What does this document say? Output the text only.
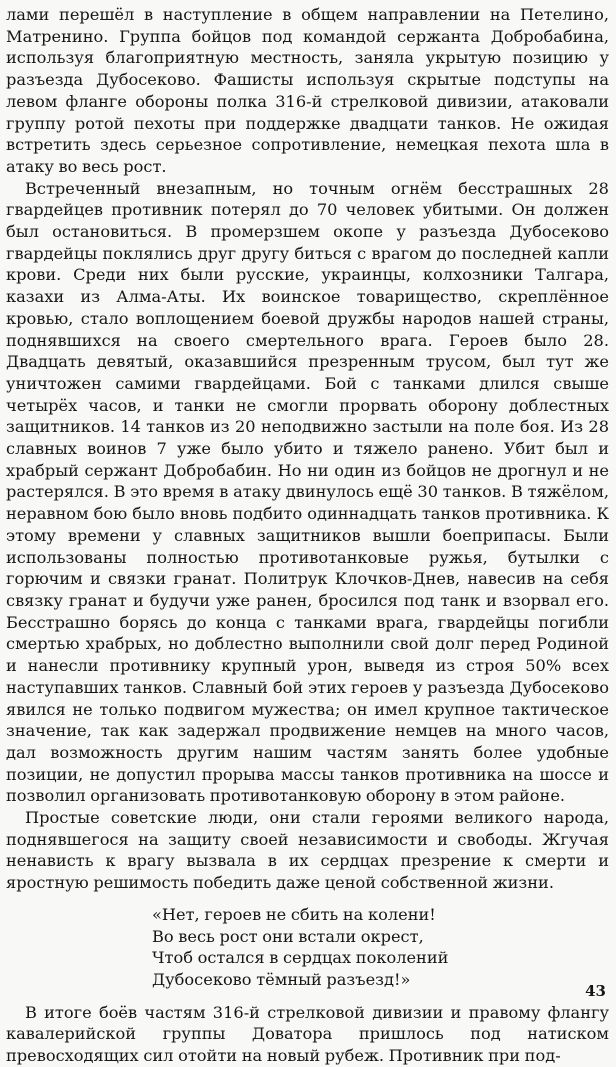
лами перешёл в наступление в общем направлении на Петелино, Матренино. Группа бойцов под командой сержанта Добробабина, используя благоприятную местность, заняла укрытую позицию у разъезда Дубосеково. Фашисты используя скрытые подступы на левом фланге обороны полка 316-й стрелковой дивизии, атаковали группу ротой пехоты при поддержке двадцати танков. Не ожидая встретить здесь серьезное сопротивление, немецкая пехота шла в атаку во весь рост.

Встреченный внезапным, но точным огнём бесстрашных 28 гвардейцев противник потерял до 70 человек убитыми. Он должен был остановиться. В промерзшем окопе у разъезда Дубосеково гвардейцы поклялись друг другу биться с врагом до последней капли крови. Среди них были русские, украинцы, колхозники Талгара, казахи из Алма-Аты. Их воинское товарищество, скреплённое кровью, стало воплощением боевой дружбы народов нашей страны, поднявшихся на своего смертельного врага. Героев было 28. Двадцать девятый, оказавшийся презренным трусом, был тут же уничтожен самими гвардейцами. Бой с танками длился свыше четырёх часов, и танки не смогли прорвать оборону доблестных защитников. 14 танков из 20 неподвижно застыли на поле боя. Из 28 славных воинов 7 уже было убито и тяжело ранено. Убит был и храбрый сержант Добробабин. Но ни один из бойцов не дрогнул и не растерялся. В это время в атаку двинулось ещё 30 танков. В тяжёлом, неравном бою было вновь подбито одиннадцать танков противника. К этому времени у славных защитников вышли боеприпасы. Были использованы полностью противотанковые ружья, бутылки с горючим и связки гранат. Политрук Клочков-Днев, навесив на себя связку гранат и будучи уже ранен, бросился под танк и взорвал его. Бесстрашно борясь до конца с танками врага, гвардейцы погибли смертью храбрых, но доблестно выполнили свой долг перед Родиной и нанесли противнику крупный урон, выведя из строя 50% всех наступавших танков. Славный бой этих героев у разъезда Дубосеково явился не только подвигом мужества; он имел крупное тактическое значение, так как задержал продвижение немцев на много часов, дал возможность другим нашим частям занять более удобные позиции, не допустил прорыва массы танков противника на шоссе и позволил организовать противотанковую оборону в этом районе.

Простые советские люди, они стали героями великого народа, поднявшегося на защиту своей независимости и свободы. Жгучая ненависть к врагу вызвала в их сердцах презрение к смерти и яростную решимость победить даже ценой собственной жизни.

«Нет, героев не сбить на колени!
Во весь рост они встали окрест,
Чтоб остался в сердцах поколений
Дубосеково тёмный разъезд!»

В итоге боёв частям 316-й стрелковой дивизии и правому флангу кавалерийской группы Доватора пришлось под натиском превосходящих сил отойти на новый рубеж. Противник при под-

43
